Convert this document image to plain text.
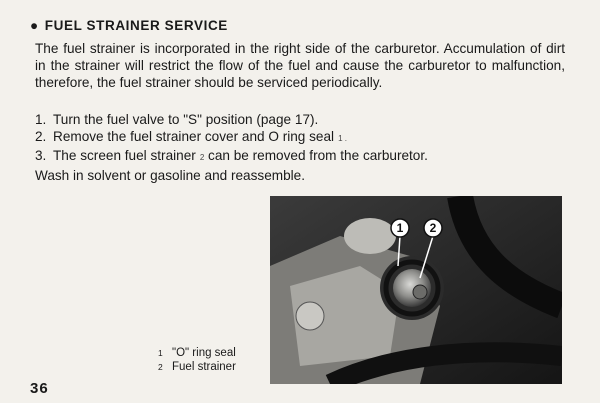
● FUEL STRAINER SERVICE
The fuel strainer is incorporated in the right side of the carburetor. Accumulation of dirt in the strainer will restrict the flow of the fuel and cause the carburetor to malfunction, therefore, the fuel strainer should be serviced periodically.
1. Turn the fuel valve to "S" position (page 17).
2. Remove the fuel strainer cover and O ring seal 1 .
3. The screen fuel strainer 2 can be removed from the carburetor.
Wash in solvent or gasoline and reassemble.
1 2
1 "O" ring seal
2 Fuel strainer
36
